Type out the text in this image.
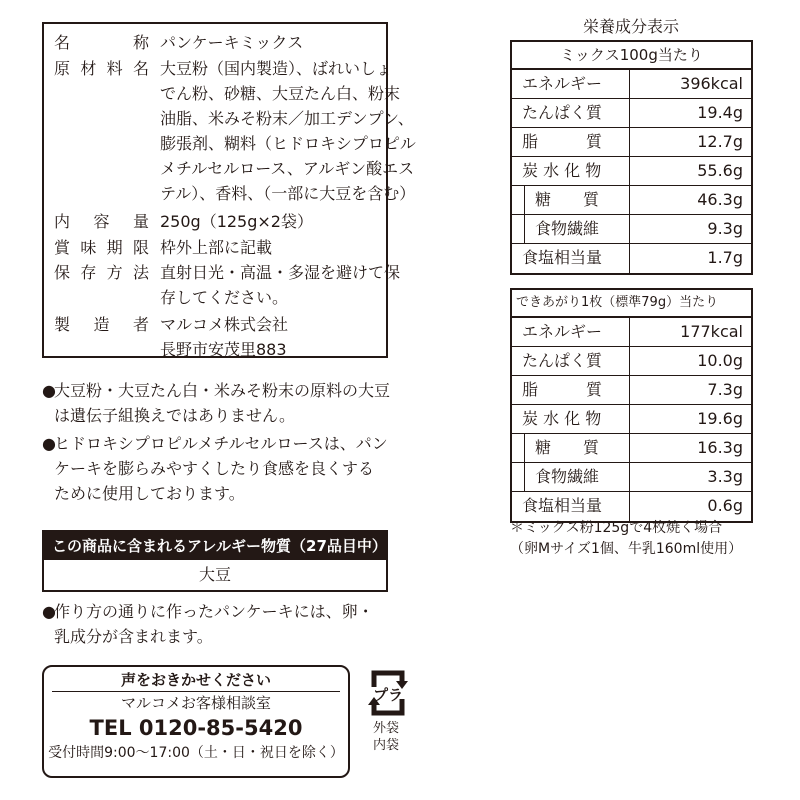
名	称 パンケーキミックス
原 材 料 名 大豆粉（国内製造）、ばれいしょ
でん粉、砂糖、大豆たん白、粉末
油脂、米みそ粉末／加工デンプン、
膨張剤、糊料（ヒドロキシプロピル
メチルセルロース、アルギン酸エス
テル）、香料、（一部に大豆を含む）
内 容 量 250g（125g×2袋）
賞 味 期 限 枠外上部に記載
保 存 方 法 直射日光・高温・多湿を避けて保
存してください。
製 造 者 マルコメ株式会社
長野市安茂里883
●
大豆粉・大豆たん白・米みそ粉末の原料の大豆
は遺伝子組換えではありません。
●
ヒドロキシプロピルメチルセルロースは、パン
ケーキを膨らみやすくしたり食感を良くする
ために使用しております。
この商品に含まれるアレルギー物質（27品目中）
大豆
●
作り方の通りに作ったパンケーキには、卵・
乳成分が含まれます。
声をおきかせください
マルコメお客様相談室
TEL 0120-85-5420
受付時間9:00～17:00（土・日・祝日を除く）
プラ
外袋
内袋
栄養成分表示
ミックス100g当たり
エネルギー	396kcal
たんぱく質	19.4g
脂　　　質	12.7g
炭 水 化 物	55.6g
糖　　質	46.3g
食物繊維	9.3g
食塩相当量	1.7g
できあがり1枚（標準79g）当たり
エネルギー	177kcal
たんぱく質	10.0g
脂　　　質	7.3g
炭 水 化 物	19.6g
糖　　質	16.3g
食物繊維	3.3g
食塩相当量	0.6g
＊ミックス粉125gで4枚焼く場合
（卵Mサイズ1個、牛乳160ml使用）
